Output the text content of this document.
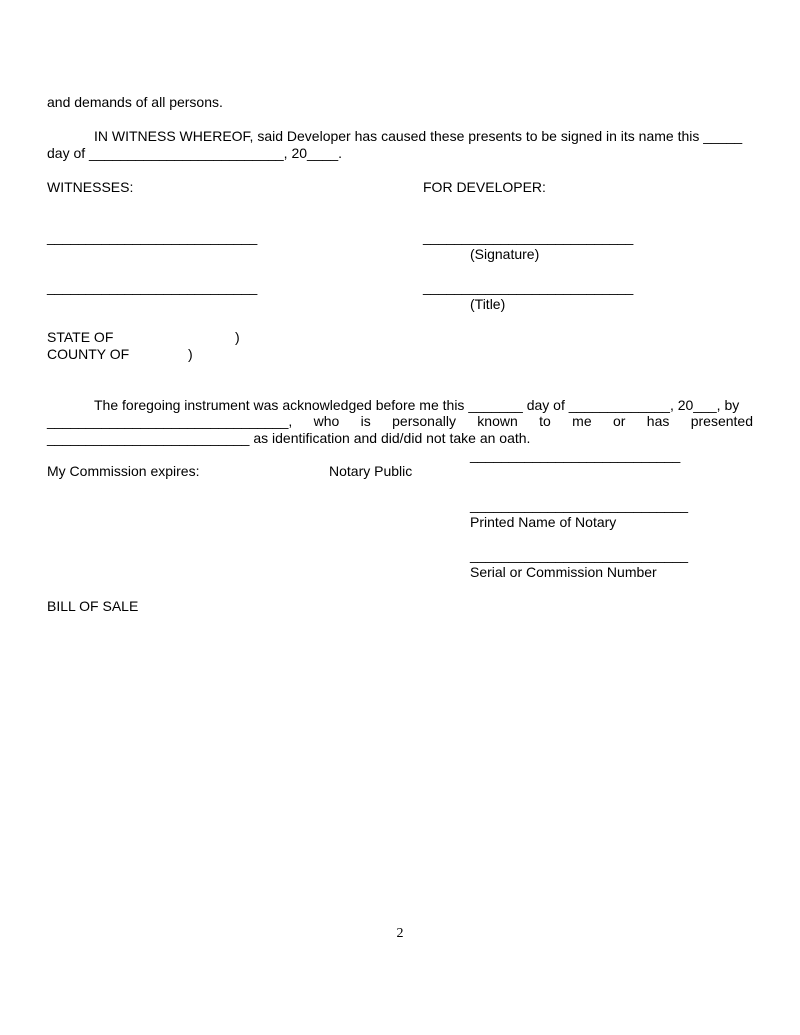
and demands of all persons.
IN WITNESS WHEREOF, said Developer has caused these presents to be signed in its name this _____
day of _________________________, 20____.
WITNESSES:	FOR DEVELOPER:
___________________________	___________________________
(Signature)
___________________________	___________________________
(Title)
STATE OF	)
COUNTY OF	)
The foregoing instrument was acknowledged before me this _______ day of _____________, 20___, by
_______________________________, who is personally known to me or has presented
__________________________ as identification and did/did not take an oath.
___________________________
My Commission expires:	Notary Public
____________________________
Printed Name of Notary
____________________________
Serial or Commission Number
BILL OF SALE
2
